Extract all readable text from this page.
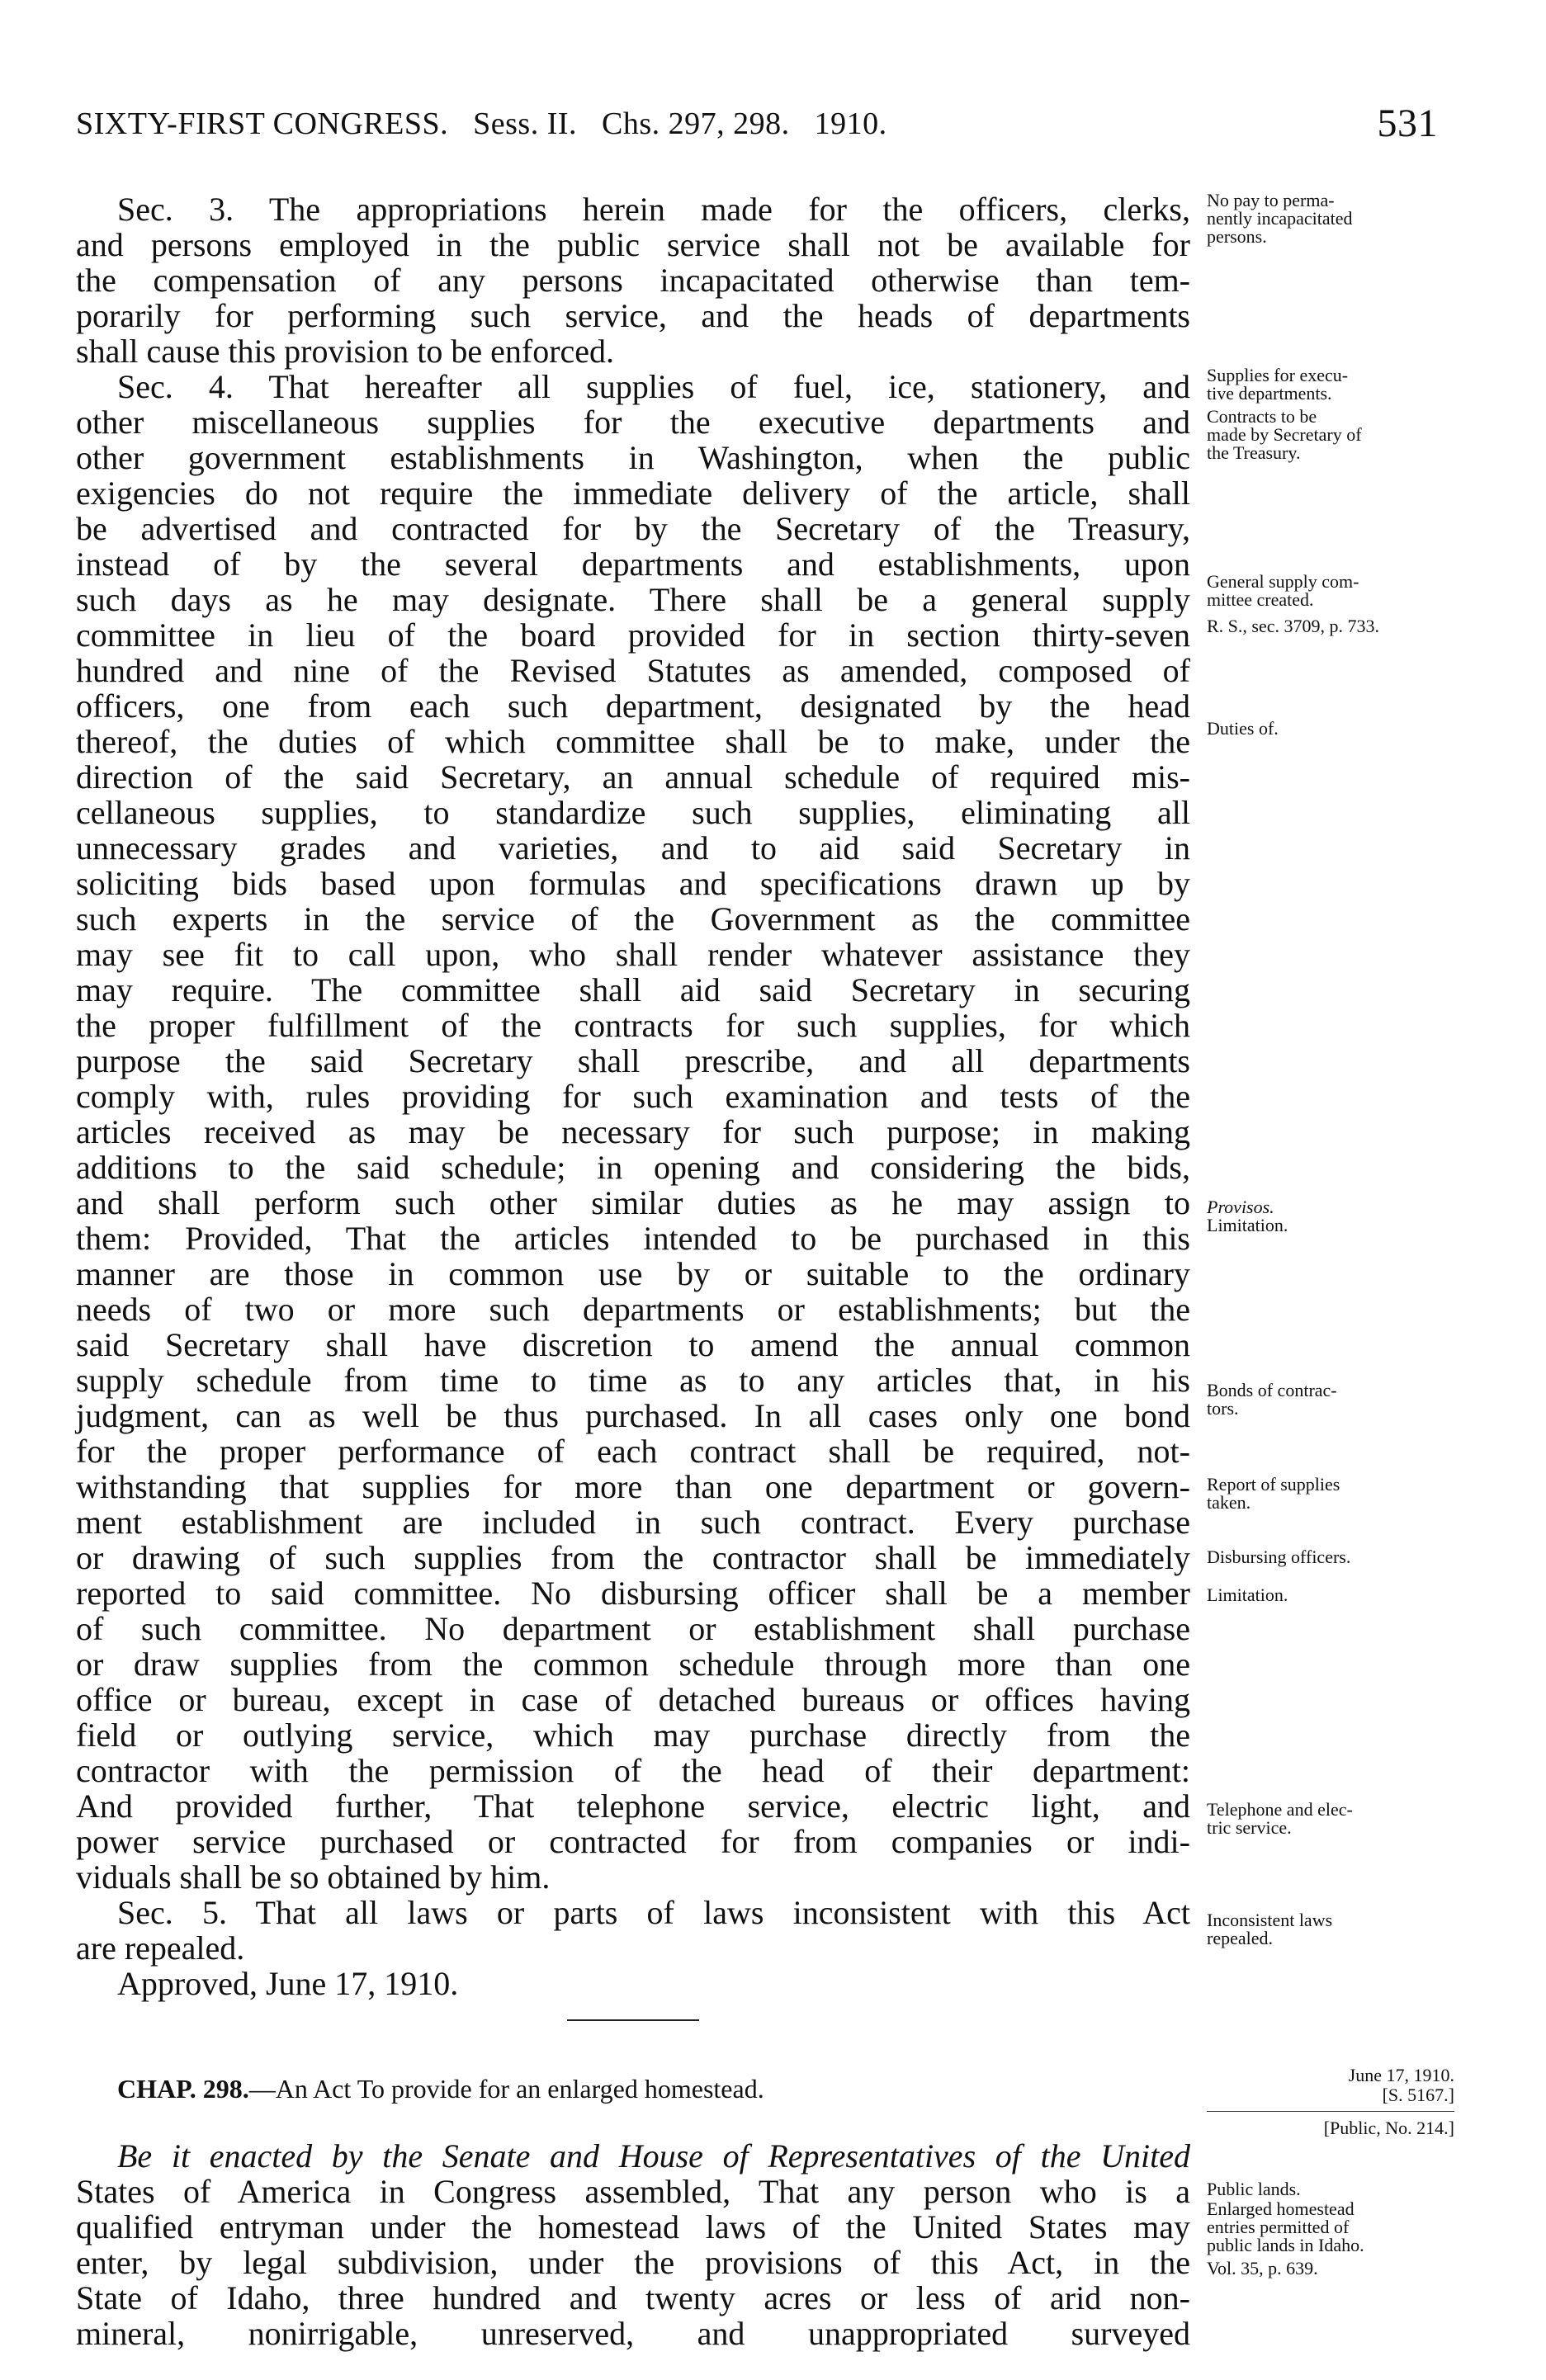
SIXTY-FIRST CONGRESS. Sess. II. Chs. 297, 298. 1910.	531
Sec. 3. The appropriations herein made for the officers, clerks,
and persons employed in the public service shall not be available for
the compensation of any persons incapacitated otherwise than tem-
porarily for performing such service, and the heads of departments
shall cause this provision to be enforced.
Sec. 4. That hereafter all supplies of fuel, ice, stationery, and
other miscellaneous supplies for the executive departments and
other government establishments in Washington, when the public
exigencies do not require the immediate delivery of the article, shall
be advertised and contracted for by the Secretary of the Treasury,
instead of by the several departments and establishments, upon
such days as he may designate. There shall be a general supply
committee in lieu of the board provided for in section thirty-seven
hundred and nine of the Revised Statutes as amended, composed of
officers, one from each such department, designated by the head
thereof, the duties of which committee shall be to make, under the
direction of the said Secretary, an annual schedule of required mis-
cellaneous supplies, to standardize such supplies, eliminating all
unnecessary grades and varieties, and to aid said Secretary in
soliciting bids based upon formulas and specifications drawn up by
such experts in the service of the Government as the committee
may see fit to call upon, who shall render whatever assistance they
may require. The committee shall aid said Secretary in securing
the proper fulfillment of the contracts for such supplies, for which
purpose the said Secretary shall prescribe, and all departments
comply with, rules providing for such examination and tests of the
articles received as may be necessary for such purpose; in making
additions to the said schedule; in opening and considering the bids,
and shall perform such other similar duties as he may assign to
them: Provided, That the articles intended to be purchased in this
manner are those in common use by or suitable to the ordinary
needs of two or more such departments or establishments; but the
said Secretary shall have discretion to amend the annual common
supply schedule from time to time as to any articles that, in his
judgment, can as well be thus purchased. In all cases only one bond
for the proper performance of each contract shall be required, not-
withstanding that supplies for more than one department or govern-
ment establishment are included in such contract. Every purchase
or drawing of such supplies from the contractor shall be immediately
reported to said committee. No disbursing officer shall be a member
of such committee. No department or establishment shall purchase
or draw supplies from the common schedule through more than one
office or bureau, except in case of detached bureaus or offices having
field or outlying service, which may purchase directly from the
contractor with the permission of the head of their department:
And provided further, That telephone service, electric light, and
power service purchased or contracted for from companies or indi-
viduals shall be so obtained by him.
Sec. 5. That all laws or parts of laws inconsistent with this Act
are repealed.
Approved, June 17, 1910.
CHAP. 298.—An Act To provide for an enlarged homestead.
Be it enacted by the Senate and House of Representatives of the United
States of America in Congress assembled, That any person who is a
qualified entryman under the homestead laws of the United States may
enter, by legal subdivision, under the provisions of this Act, in the
State of Idaho, three hundred and twenty acres or less of arid non-
mineral, nonirrigable, unreserved, and unappropriated surveyed
No pay to perma-
nently incapacitated
persons.
Supplies for execu-
tive departments.
Contracts to be
made by Secretary of
the Treasury.
General supply com-
mittee created.
R. S., sec. 3709, p. 733.
Duties of.
Provisos.
Limitation.
Bonds of contrac-
tors.
Report of supplies
taken.
Disbursing officers.
Limitation.
Telephone and elec-
tric service.
Inconsistent laws
repealed.
June 17, 1910.
[S. 5167.]
[Public, No. 214.]
Public lands.
Enlarged homestead
entries permitted of
public lands in Idaho.
Vol. 35, p. 639.
